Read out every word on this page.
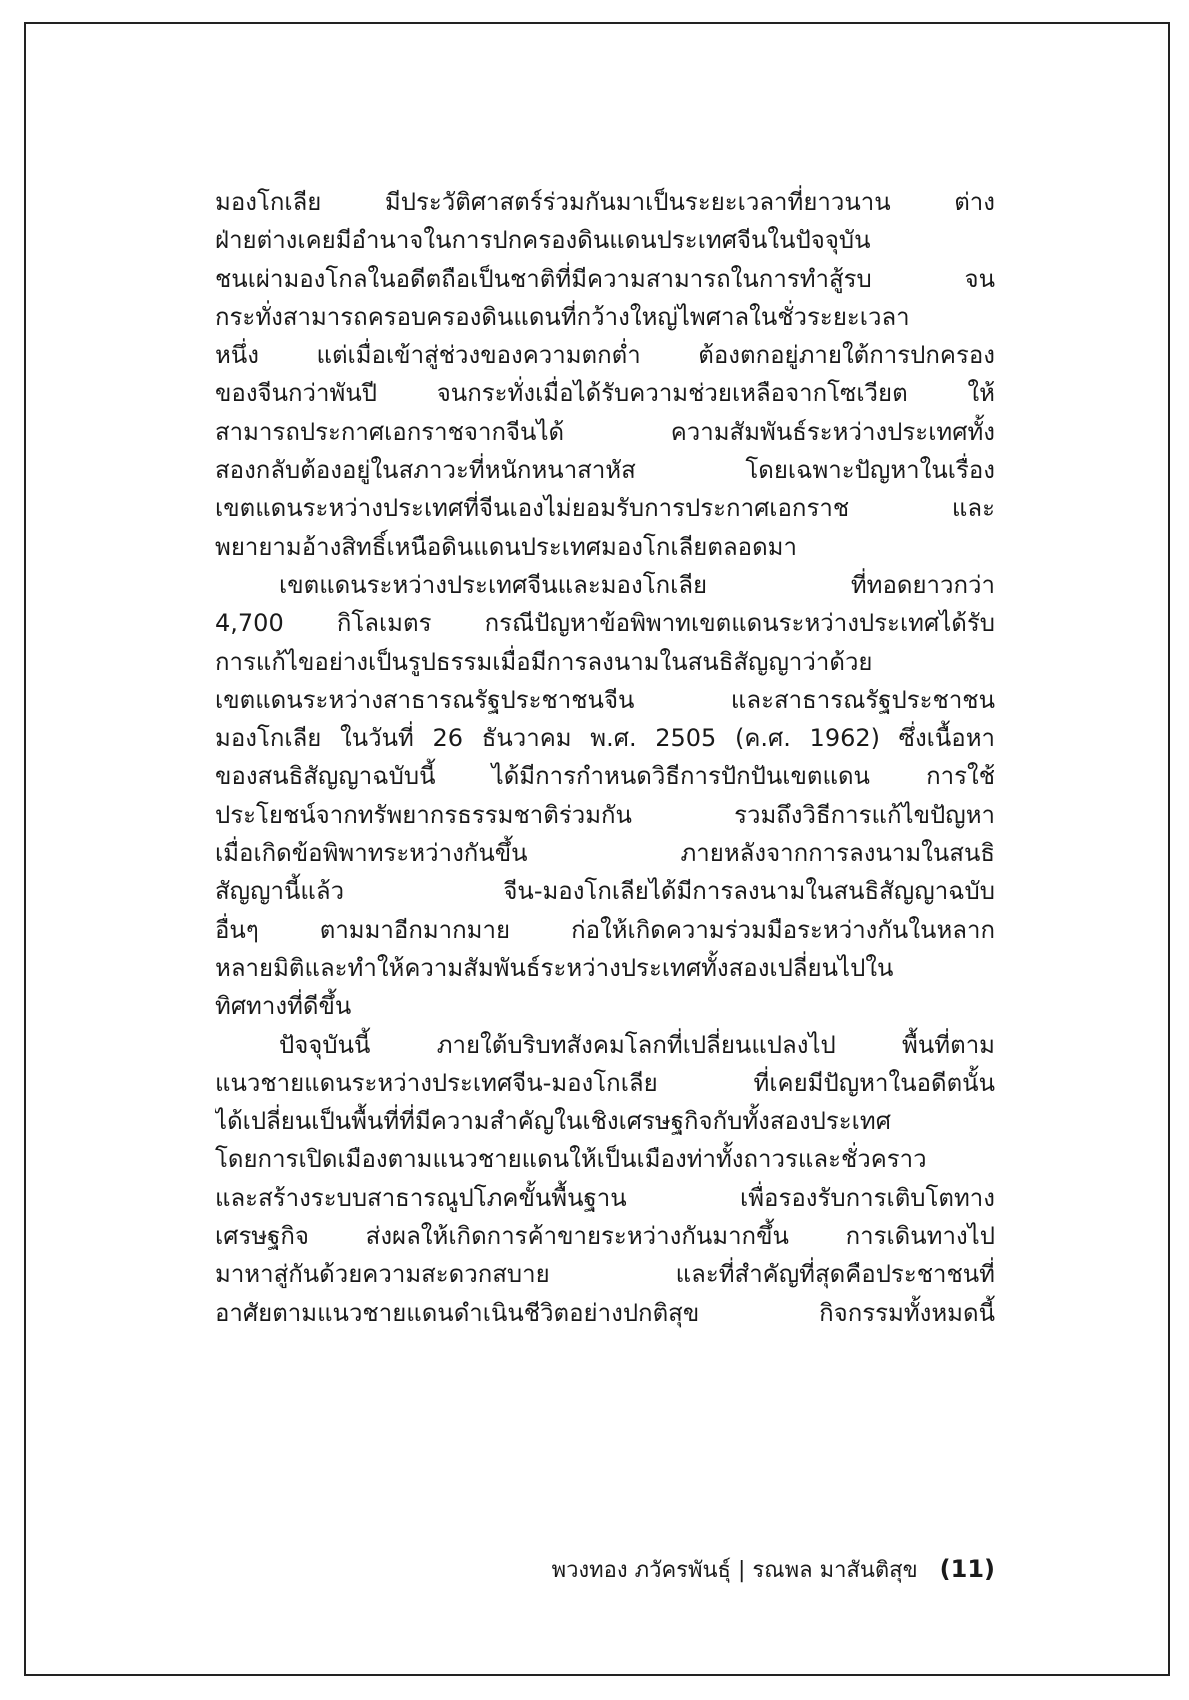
มองโกเลีย มีประวัติศาสตร์ร่วมกันมาเป็นระยะเวลาที่ยาวนาน ต่าง
ฝ่ายต่างเคยมีอำนาจในการปกครองดินแดนประเทศจีนในปัจจุบัน
ชนเผ่ามองโกลในอดีตถือเป็นชาติที่มีความสามารถในการทำสู้รบ จน
กระทั่งสามารถครอบครองดินแดนที่กว้างใหญ่ไพศาลในชั่วระยะเวลา
หนึ่ง แต่เมื่อเข้าสู่ช่วงของความตกต่ำ ต้องตกอยู่ภายใต้การปกครอง
ของจีนกว่าพันปี จนกระทั่งเมื่อได้รับความช่วยเหลือจากโซเวียต ให้
สามารถประกาศเอกราชจากจีนได้ ความสัมพันธ์ระหว่างประเทศทั้ง
สองกลับต้องอยู่ในสภาวะที่หนักหนาสาหัส โดยเฉพาะปัญหาในเรื่อง
เขตแดนระหว่างประเทศที่จีนเองไม่ยอมรับการประกาศเอกราช และ
พยายามอ้างสิทธิ์เหนือดินแดนประเทศมองโกเลียตลอดมา
เขตแดนระหว่างประเทศจีนและมองโกเลีย ที่ทอดยาวกว่า
4,700 กิโลเมตร กรณีปัญหาข้อพิพาทเขตแดนระหว่างประเทศได้รับ
การแก้ไขอย่างเป็นรูปธรรมเมื่อมีการลงนามในสนธิสัญญาว่าด้วย
เขตแดนระหว่างสาธารณรัฐประชาชนจีน และสาธารณรัฐประชาชน
มองโกเลีย ในวันที่ 26 ธันวาคม พ.ศ. 2505 (ค.ศ. 1962) ซึ่งเนื้อหา
ของสนธิสัญญาฉบับนี้ ได้มีการกำหนดวิธีการปักปันเขตแดน การใช้
ประโยชน์จากทรัพยากรธรรมชาติร่วมกัน รวมถึงวิธีการแก้ไขปัญหา
เมื่อเกิดข้อพิพาทระหว่างกันขึ้น ภายหลังจากการลงนามในสนธิ
สัญญานี้แล้ว จีน-มองโกเลียได้มีการลงนามในสนธิสัญญาฉบับ
อื่นๆ ตามมาอีกมากมาย ก่อให้เกิดความร่วมมือระหว่างกันในหลาก
หลายมิติและทำให้ความสัมพันธ์ระหว่างประเทศทั้งสองเปลี่ยนไปใน
ทิศทางที่ดีขึ้น
ปัจจุบันนี้ ภายใต้บริบทสังคมโลกที่เปลี่ยนแปลงไป พื้นที่ตาม
แนวชายแดนระหว่างประเทศจีน-มองโกเลีย ที่เคยมีปัญหาในอดีตนั้น
ได้เปลี่ยนเป็นพื้นที่ที่มีความสำคัญในเชิงเศรษฐกิจกับทั้งสองประเทศ
โดยการเปิดเมืองตามแนวชายแดนให้เป็นเมืองท่าทั้งถาวรและชั่วคราว
และสร้างระบบสาธารณูปโภคขั้นพื้นฐาน เพื่อรองรับการเติบโตทาง
เศรษฐกิจ ส่งผลให้เกิดการค้าขายระหว่างกันมากขึ้น การเดินทางไป
มาหาสู่กันด้วยความสะดวกสบาย และที่สำคัญที่สุดคือประชาชนที่
อาศัยตามแนวชายแดนดำเนินชีวิตอย่างปกติสุข กิจกรรมทั้งหมดนี้
พวงทอง ภวัครพันธุ์ | รณพล มาสันติสุข (11)
